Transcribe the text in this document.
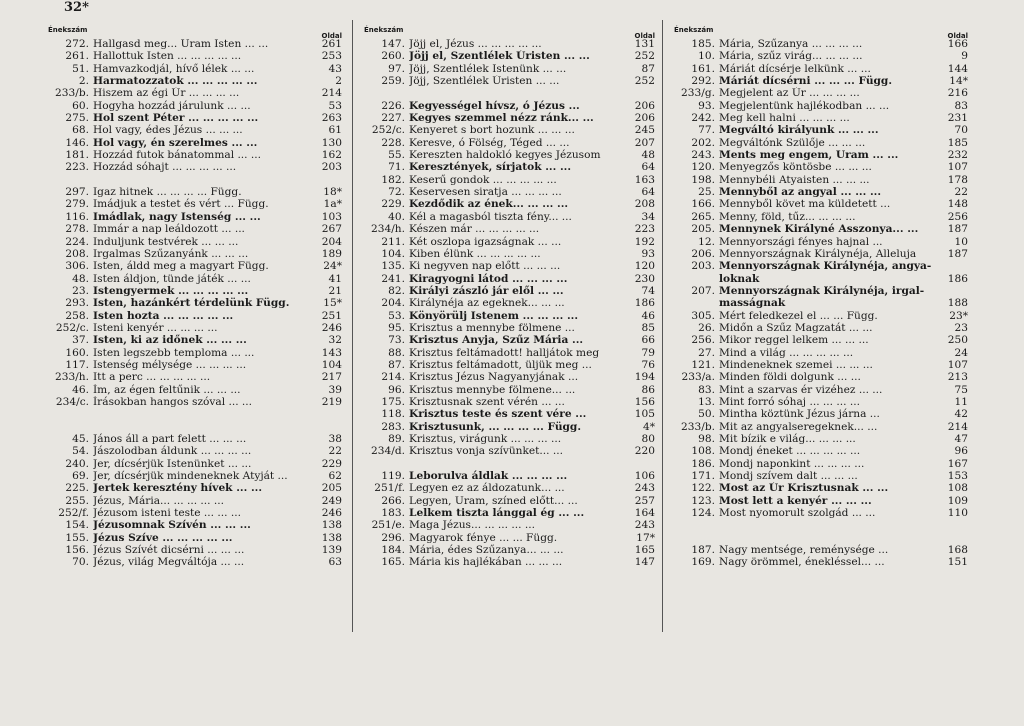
32*
Énekszám
Oldal
272. Hallgasd meg... Uram Isten ... ...	261
261. Hallottuk Isten ... ... ... ... ...	253
51. Hamvazkodjál, hívő lélek ... ...	43
2. Harmatozzatok ... ... ... ... ...	2
233/b. Hiszem az égi Úr ... ... ... ...	214
60. Hogyha hozzád járulunk ... ...	53
275. Hol szent Péter ... ... ... ... ...	263
68. Hol vagy, édes Jézus ... ... ...	61
146. Hol vagy, én szerelmes ... ...	130
181. Hozzád futok bánatommal ... ...	162
223. Hozzád sóhajt ... ... ... ... ...	203
297. Igaz hitnek ... ... ... ... Függ.	18*
279. Imádjuk a testet és vért ... Függ.	1a*
116. Imádlak, nagy Istenség ... ...	103
278. Immár a nap leáldozott ... ...	267
224. Induljunk testvérek ... ... ...	204
208. Irgalmas Szűzanyánk ... ... ...	189
306. Isten, áldd meg a magyart Függ.	24*
48. Isten áldjon, tünde játék ... ...	41
23. Istengyermek ... ... ... ... ...	21
293. Isten, hazánkért térdelünk Függ.	15*
258. Isten hozta ... ... ... ... ...	251
252/c. Isteni kenyér ... ... ... ...	246
37. Isten, ki az időnek ... ... ...	32
160. Isten legszebb temploma ... ...	143
117. Istenség mélysége ... ... ... ...	104
233/h. Itt a perc ... ... ... ... ...	217
46. Ím, az égen feltűnik ... ... ...	39
234/c. Írásokban hangos szóval ... ...	219
45. János áll a part felett ... ... ...	38
54. Jászolodban áldunk ... ... ... ...	22
240. Jer, dícsérjük Istenünket ... ...	229
69. Jer, dícsérjük mindeneknek Atyját ...	62
225. Jertek keresztény hívek ... ...	205
255. Jézus, Mária... ... ... ... ...	249
252/f. Jézusom isteni teste ... ... ...	246
154. Jézusomnak Szívén ... ... ...	138
155. Jézus Szíve ... ... ... ... ...	138
156. Jézus Szívét dicsérni ... ... ...	139
70. Jézus, világ Megváltója ... ...	63
Énekszám
Oldal
147. Jöjj el, Jézus ... ... ... ... ...	131
260. Jöjj el, Szentlélek Úristen ... ...	252
97. Jöjj, Szentlélek Istenünk ... ...	87
259. Jöjj, Szentlélek Úristen ... ...	252
226. Kegyességel hívsz, ó Jézus ...	206
227. Kegyes szemmel nézz ránk... ...	206
252/c. Kenyeret s bort hozunk ... ... ...	245
228. Keresve, ó Fölség, Téged ... ...	207
55. Kereszten haldokló kegyes Jézusom	48
71. Keresztények, sírjatok ... ...	64
182. Keserű gondok ... ... ... ... ...	163
72. Keservesen siratja ... ... ... ...	64
229. Kezdődik az ének... ... ... ...	208
40. Kél a magasból tiszta fény... ...	34
234/h. Készen már ... ... ... ... ...	223
211. Két oszlopa igazságnak ... ...	192
104. Kiben élünk ... ... ... ... ...	93
135. Ki negyven nap előtt ... ... ...	120
241. Kiragyogni látod ... ... ... ...	230
82. Királyi zászló jár elől ... ...	74
204. Királynéja az egeknek... ... ...	186
53. Könyörülj Istenem ... ... ... ...	46
95. Krisztus a mennybe fölmene ...	85
73. Krisztus Anyja, Szűz Mária ...	66
88. Krisztus feltámadott! halljátok meg	79
87. Krisztus feltámadott, üljük meg ...	76
214. Krisztus Jézus Nagyanyjának ...	194
96. Krisztus mennybe fölmene... ...	86
175. Krisztusnak szent vérén ... ...	156
118. Krisztus teste és szent vére ...	105
283. Krisztusunk, ... ... ... ... Függ.	4*
89. Krisztus, virágunk ... ... ... ...	80
234/d. Krisztus vonja szívünket... ...	220
119. Leborulva áldlak ... ... ... ...	106
251/f. Legyen ez az áldozatunk... ...	243
266. Legyen, Uram, színed előtt... ...	257
183. Lelkem tiszta lánggal ég ... ...	164
251/e. Maga Jézus... ... ... ... ...	243
296. Magyarok fénye ... ... Függ.	17*
184. Mária, édes Szűzanya... ... ...	165
165. Mária kis hajlékában ... ... ...	147
Énekszám
Oldal
185. Mária, Szűzanya ... ... ... ...	166
10. Mária, szűz virág... ... ... ...	9
161. Máriát dícsérje lelkünk ... ...	144
292. Máriát dícsérni ... ... ... Függ.	14*
233/g. Megjelent az Úr ... ... ... ...	216
93. Megjelentünk hajlékodban ... ...	83
242. Meg kell halni ... ... ... ...	231
77. Megváltó királyunk ... ... ...	70
202. Megváltónk Szülője ... ... ...	185
243. Ments meg engem, Uram ... ...	232
120. Menyegzős köntösbe ... ... ...	107
198. Mennybéli Atyaisten ... ... ...	178
25. Mennyből az angyal ... ... ...	22
166. Mennyből követ ma küldetett ...	148
265. Menny, föld, tűz... ... ... ...	256
205. Mennynek Királyné Asszonya... ...	187
12. Mennyországi fényes hajnal ...	10
206. Mennyországnak Királynéja, Alleluja	187
203. Mennyországnak Királynéja, angya-
loknak	186
207. Mennyországnak Királynéja, irgal-
masságnak	188
305. Mért feledkezel el ... ... Függ.	23*
26. Midőn a Szűz Magzatát ... ...	23
256. Mikor reggel lelkem ... ... ...	250
27. Mind a világ ... ... ... ... ...	24
121. Mindeneknek szemei ... ... ...	107
233/a. Minden földi dolgunk ... ...	213
83. Mint a szarvas ér vizéhez ... ...	75
13. Mint forró sóhaj ... ... ... ...	11
50. Mintha köztünk Jézus járna ...	42
233/b. Mit az angyalseregeknek... ...	214
98. Mit bízik e világ... ... ... ...	47
108. Mondj éneket ... ... ... ... ...	96
186. Mondj naponkint ... ... ... ...	167
171. Mondj szívem dalt ... ... ...	153
122. Most az Úr Krisztusnak ... ...	108
123. Most lett a kenyér ... ... ...	109
124. Most nyomorult szolgád ... ...	110
187. Nagy mentsége, reménysége ...	168
169. Nagy örömmel, énekléssel... ...	151
